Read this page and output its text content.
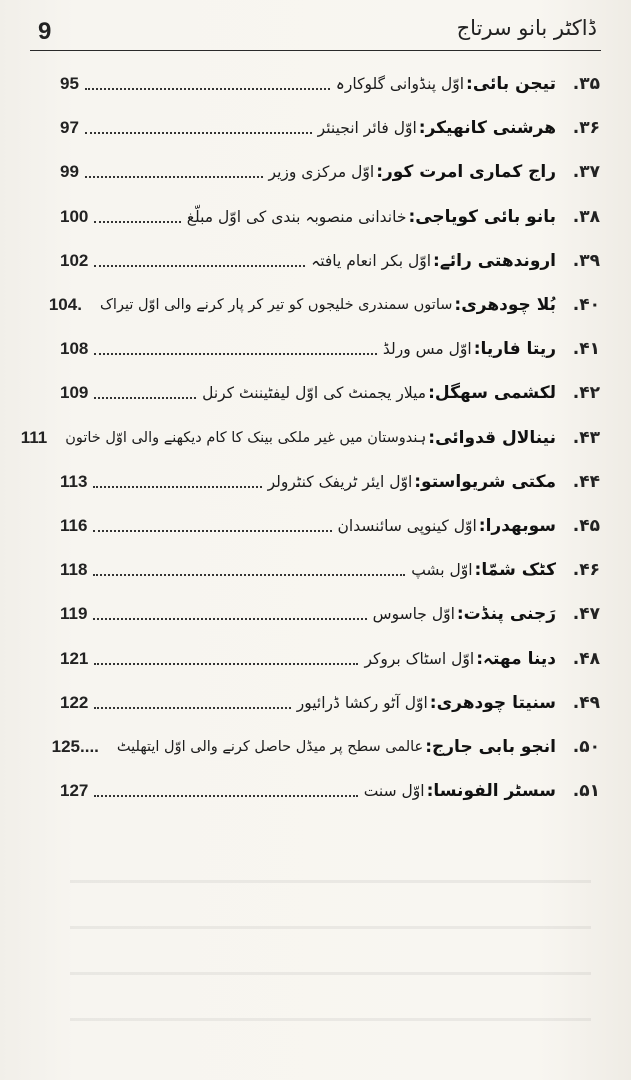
9	ڈاکٹر بانو سرتاج
۳۵.
تیجن بائی:
اوّل پنڈوانی گلوکارہ
95
۳۶.
ھرشنی کانھیکر:
اوّل فائر انجینئر
97
۳۷.
راج کماری امرت کور:
اوّل مرکزی وزیر
99
۳۸.
بانو بائی کویاجی:
خاندانی منصوبہ بندی کی اوّل مبلّغ
100
۳۹.
اروندھتی رائے:
اوّل بکر انعام یافتہ
102
۴۰.
بُلا چودھری:
ساتوں سمندری خلیجوں کو تیر کر پار کرنے والی اوّل تیراک
104.
۴۱.
ریتا فاریا:
اوّل مس ورلڈ
108
۴۲.
لکشمی سھگل:
میلار یجمنٹ کی اوّل لیفٹیننٹ کرنل
109
۴۳.
نینالال قدوائی:
ہندوستان میں غیر ملکی بینک کا کام دیکھنے والی اوّل خاتون
111
۴۴.
مکتی شریواستو:
اوّل ایئر ٹریفک کنٹرولر
113
۴۵.
سوبھدرا:
اوّل کینوپی سائنسدان
116
۴۶.
کٹک شمّا:
اوّل بشپ
118
۴۷.
رَجنی پنڈت:
اوّل جاسوس
119
۴۸.
دینا مھتہ:
اوّل اسٹاک بروکر
121
۴۹.
سنیتا چودھری:
اوّل آٹو رکشا ڈرائیور
122
۵۰.
انجو بابی جارج:
عالمی سطح پر میڈل حاصل کرنے والی اوّل ایتھلیٹ
125....
۵۱.
سسٹر الفونسا:
اوّل سنت
127
